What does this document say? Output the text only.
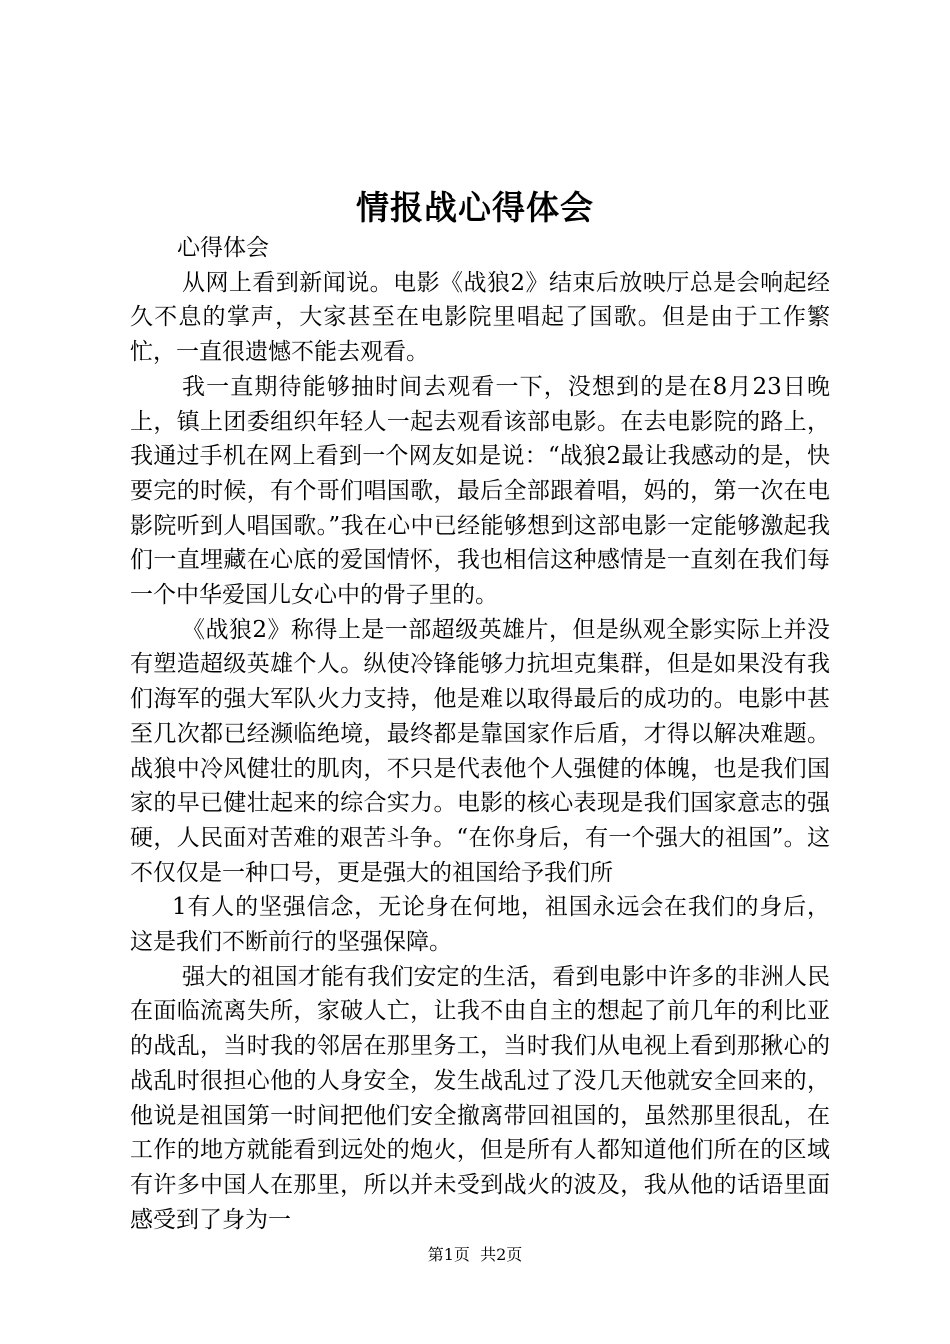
情报战心得体会

心得体会

从网上看到新闻说。电影《战狼2》结束后放映厅总是会响起经久不息的掌声，大家甚至在电影院里唱起了国歌。但是由于工作繁忙，一直很遗憾不能去观看。

我一直期待能够抽时间去观看一下，没想到的是在8月23日晚上，镇上团委组织年轻人一起去观看该部电影。在去电影院的路上，我通过手机在网上看到一个网友如是说：“战狼2最让我感动的是，快要完的时候，有个哥们唱国歌，最后全部跟着唱，妈的，第一次在电影院听到人唱国歌。”我在心中已经能够想到这部电影一定能够激起我们一直埋藏在心底的爱国情怀，我也相信这种感情是一直刻在我们每一个中华爱国儿女心中的骨子里的。

《战狼2》称得上是一部超级英雄片，但是纵观全影实际上并没有塑造超级英雄个人。纵使冷锋能够力抗坦克集群，但是如果没有我们海军的强大军队火力支持，他是难以取得最后的成功的。电影中甚至几次都已经濒临绝境，最终都是靠国家作后盾，才得以解决难题。战狼中冷风健壮的肌肉，不只是代表他个人强健的体魄，也是我们国家的早已健壮起来的综合实力。电影的核心表现是我们国家意志的强硬，人民面对苦难的艰苦斗争。“在你身后，有一个强大的祖国”。这不仅仅是一种口号，更是强大的祖国给予我们所

1有人的坚强信念，无论身在何地，祖国永远会在我们的身后，这是我们不断前行的坚强保障。

强大的祖国才能有我们安定的生活，看到电影中许多的非洲人民在面临流离失所，家破人亡，让我不由自主的想起了前几年的利比亚的战乱，当时我的邻居在那里务工，当时我们从电视上看到那揪心的战乱时很担心他的人身安全，发生战乱过了没几天他就安全回来的，他说是祖国第一时间把他们安全撤离带回祖国的，虽然那里很乱，在工作的地方就能看到远处的炮火，但是所有人都知道他们所在的区域有许多中国人在那里，所以并未受到战火的波及，我从他的话语里面感受到了身为一

第1页  共2页
